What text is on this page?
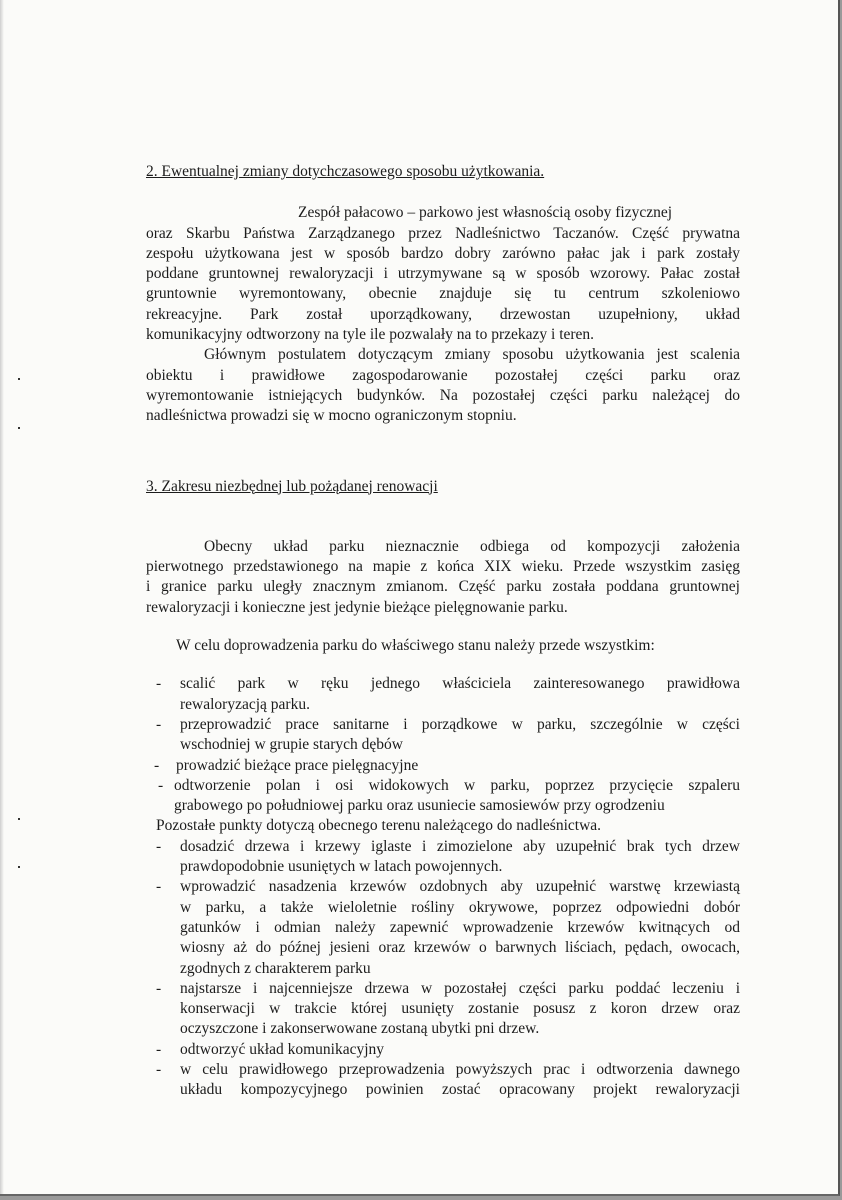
2. Ewentualnej zmiany dotychczasowego sposobu użytkowania.

Zespół pałacowo – parkowo jest własnością osoby fizycznej
oraz Skarbu Państwa Zarządzanego przez Nadleśnictwo Taczanów. Część prywatna
zespołu użytkowana jest w sposób bardzo dobry zarówno pałac jak i park zostały
poddane gruntownej rewaloryzacji i utrzymywane są w sposób wzorowy. Pałac został
gruntownie wyremontowany, obecnie znajduje się tu centrum szkoleniowo
rekreacyjne. Park został uporządkowany, drzewostan uzupełniony, układ
komunikacyjny odtworzony na tyle ile pozwalały na to przekazy i teren.
Głównym postulatem dotyczącym zmiany sposobu użytkowania jest scalenia
obiektu i prawidłowe zagospodarowanie pozostałej części parku oraz
wyremontowanie istniejących budynków. Na pozostałej części parku należącej do
nadleśnictwa prowadzi się w mocno ograniczonym stopniu.

3. Zakresu niezbędnej lub pożądanej renowacji

Obecny układ parku nieznacznie odbiega od kompozycji założenia
pierwotnego przedstawionego na mapie z końca XIX wieku. Przede wszystkim zasięg
i granice parku uległy znacznym zmianom. Część parku została poddana gruntownej
rewaloryzacji i konieczne jest jedynie bieżące pielęgnowanie parku.
W celu doprowadzenia parku do właściwego stanu należy przede wszystkim:
- scalić park w ręku jednego właściciela zainteresowanego prawidłowa
rewaloryzacją parku.
- przeprowadzić prace sanitarne i porządkowe w parku, szczególnie w części
wschodniej w grupie starych dębów
- prowadzić bieżące prace pielęgnacyjne
- odtworzenie polan i osi widokowych w parku, poprzez przycięcie szpaleru
grabowego po południowej parku oraz usuniecie samosiewów przy ogrodzeniu
Pozostałe punkty dotyczą obecnego terenu należącego do nadleśnictwa.
- dosadzić drzewa i krzewy iglaste i zimozielone aby uzupełnić brak tych drzew
prawdopodobnie usuniętych w latach powojennych.
- wprowadzić nasadzenia krzewów ozdobnych aby uzupełnić warstwę krzewiastą
w parku, a także wieloletnie rośliny okrywowe, poprzez odpowiedni dobór
gatunków i odmian należy zapewnić wprowadzenie krzewów kwitnących od
wiosny aż do późnej jesieni oraz krzewów o barwnych liściach, pędach, owocach,
zgodnych z charakterem parku
- najstarsze i najcenniejsze drzewa w pozostałej części parku poddać leczeniu i
konserwacji w trakcie której usunięty zostanie posusz z koron drzew oraz
oczyszczone i zakonserwowane zostaną ubytki pni drzew.
- odtworzyć układ komunikacyjny
- w celu prawidłowego przeprowadzenia powyższych prac i odtworzenia dawnego
układu kompozycyjnego powinien zostać opracowany projekt rewaloryzacji
